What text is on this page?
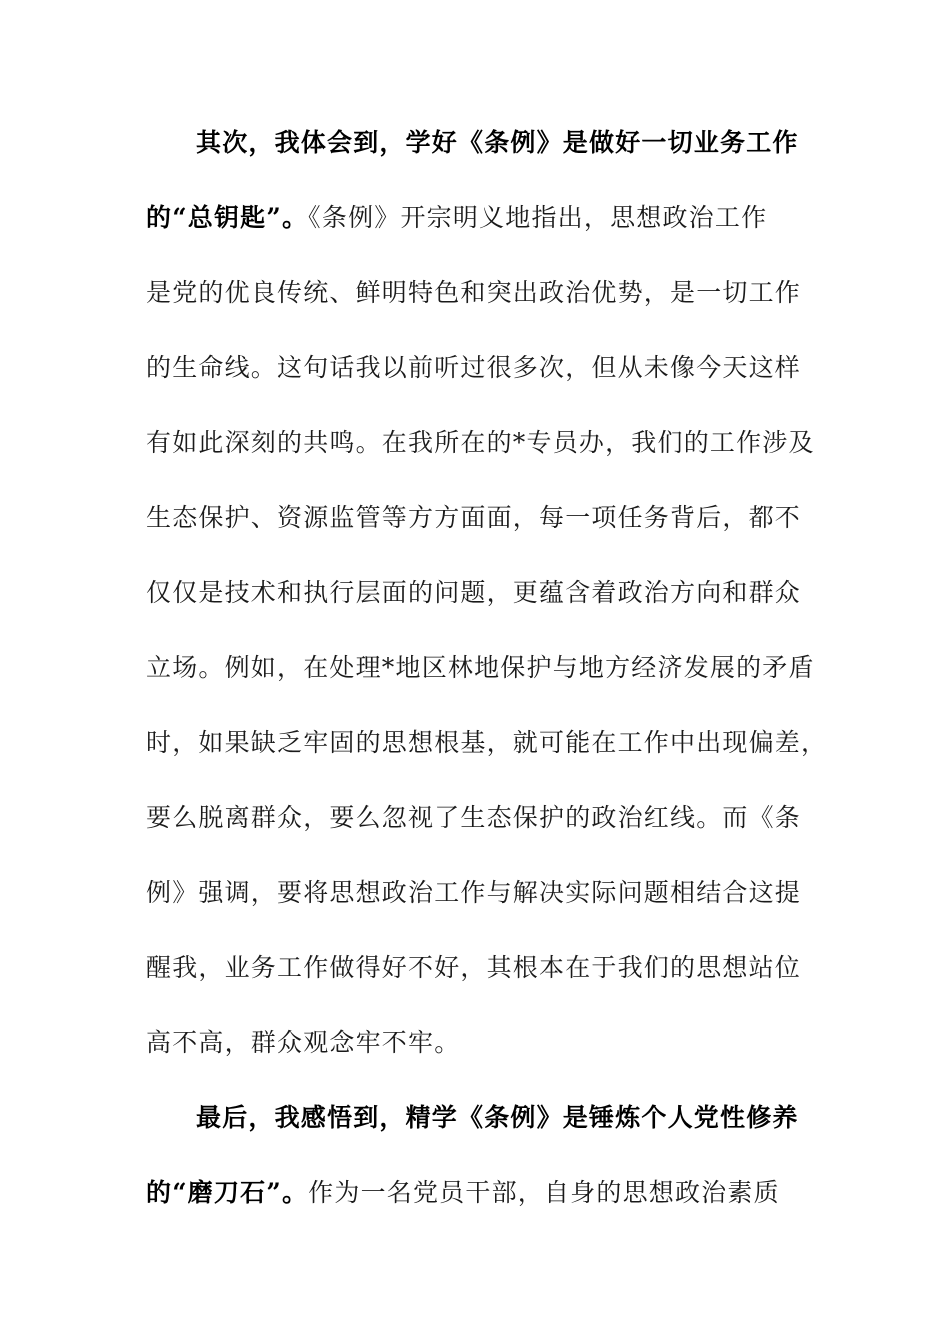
其次，我体会到，学好《条例》是做好一切业务工作
的“总钥匙”。《条例》开宗明义地指出，思想政治工作
是党的优良传统、鲜明特色和突出政治优势，是一切工作
的生命线。这句话我以前听过很多次，但从未像今天这样
有如此深刻的共鸣。在我所在的*专员办，我们的工作涉及
生态保护、资源监管等方方面面，每一项任务背后，都不
仅仅是技术和执行层面的问题，更蕴含着政治方向和群众
立场。例如，在处理*地区林地保护与地方经济发展的矛盾
时，如果缺乏牢固的思想根基，就可能在工作中出现偏差，
要么脱离群众，要么忽视了生态保护的政治红线。而《条
例》强调，要将思想政治工作与解决实际问题相结合这提
醒我，业务工作做得好不好，其根本在于我们的思想站位
高不高，群众观念牢不牢。
最后，我感悟到，精学《条例》是锤炼个人党性修养
的“磨刀石”。作为一名党员干部，自身的思想政治素质
